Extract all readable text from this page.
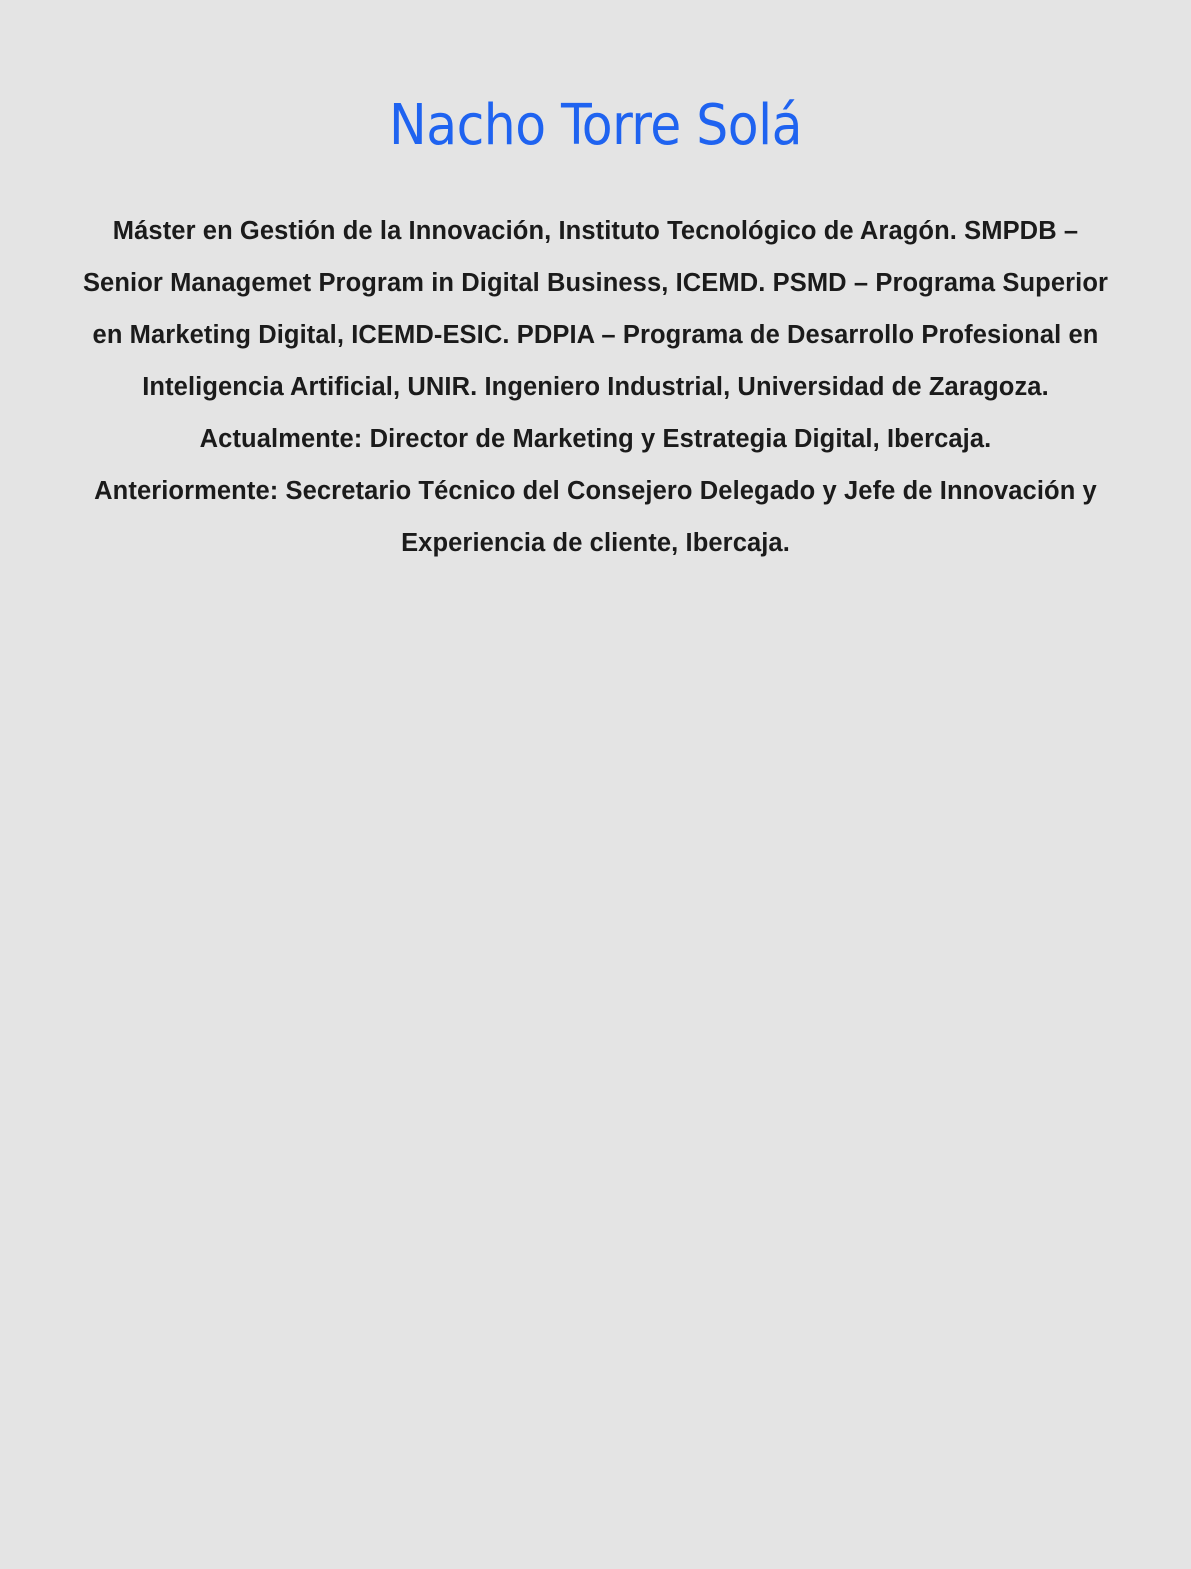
Nacho Torre Solá

Máster en Gestión de la Innovación, Instituto Tecnológico de Aragón. SMPDB – Senior Managemet Program in Digital Business, ICEMD. PSMD – Programa Superior en Marketing Digital, ICEMD-ESIC. PDPIA – Programa de Desarrollo Profesional en Inteligencia Artificial, UNIR. Ingeniero Industrial, Universidad de Zaragoza.

Actualmente: Director de Marketing y Estrategia Digital, Ibercaja.

Anteriormente: Secretario Técnico del Consejero Delegado y Jefe de Innovación y Experiencia de cliente, Ibercaja.
